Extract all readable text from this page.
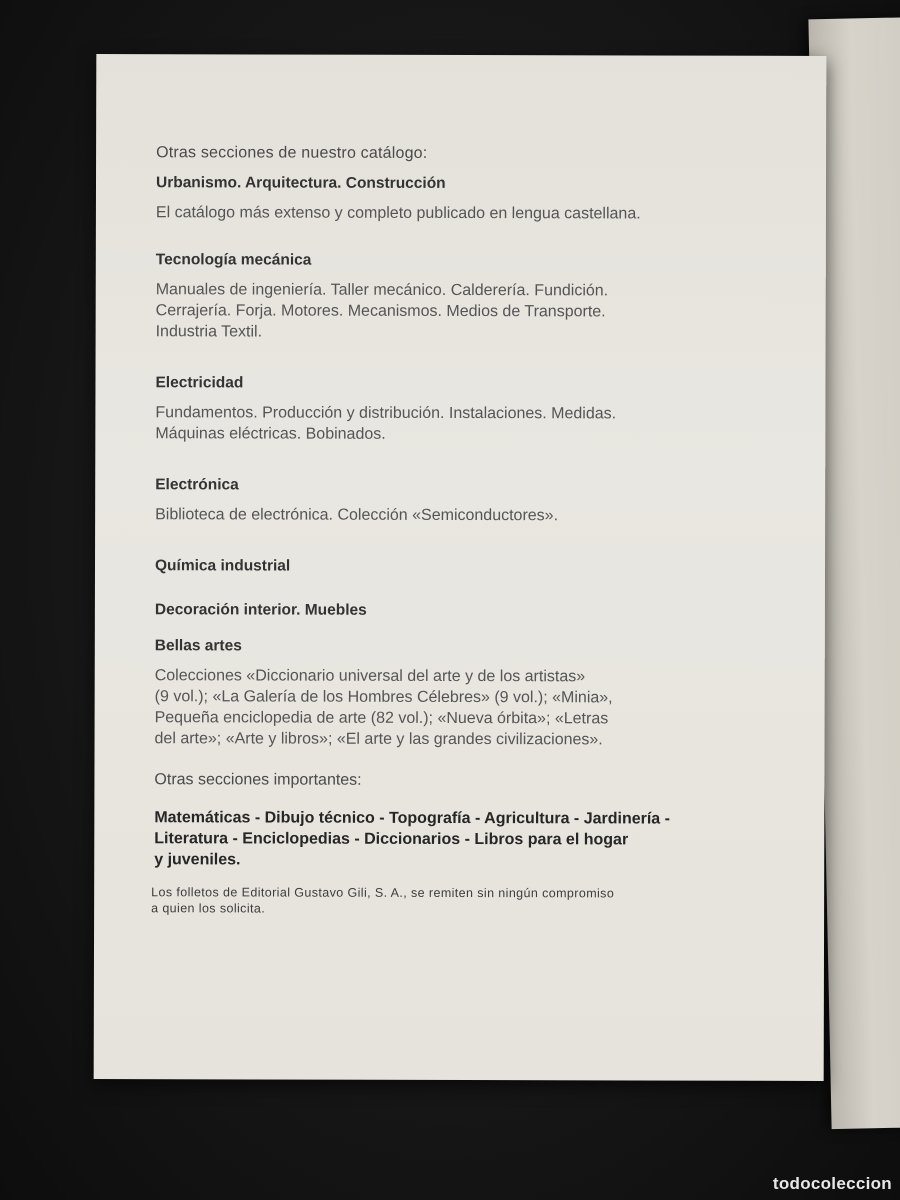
Otras secciones de nuestro catálogo:

Urbanismo. Arquitectura. Construcción

El catálogo más extenso y completo publicado en lengua castellana.

Tecnología mecánica

Manuales de ingeniería. Taller mecánico. Calderería. Fundición.
Cerrajería. Forja. Motores. Mecanismos. Medios de Transporte.
Industria Textil.

Electricidad

Fundamentos. Producción y distribución. Instalaciones. Medidas.
Máquinas eléctricas. Bobinados.

Electrónica

Biblioteca de electrónica. Colección «Semiconductores».

Química industrial

Decoración interior. Muebles

Bellas artes

Colecciones «Diccionario universal del arte y de los artistas»
(9 vol.); «La Galería de los Hombres Célebres» (9 vol.); «Minia»,
Pequeña enciclopedia de arte (82 vol.); «Nueva órbita»; «Letras
del arte»; «Arte y libros»; «El arte y las grandes civilizaciones».

Otras secciones importantes:

Matemáticas - Dibujo técnico - Topografía - Agricultura - Jardinería -
Literatura - Enciclopedias - Diccionarios - Libros para el hogar
y juveniles.

Los folletos de Editorial Gustavo Gili, S. A., se remiten sin ningún compromiso
a quien los solicita.

todocoleccion
